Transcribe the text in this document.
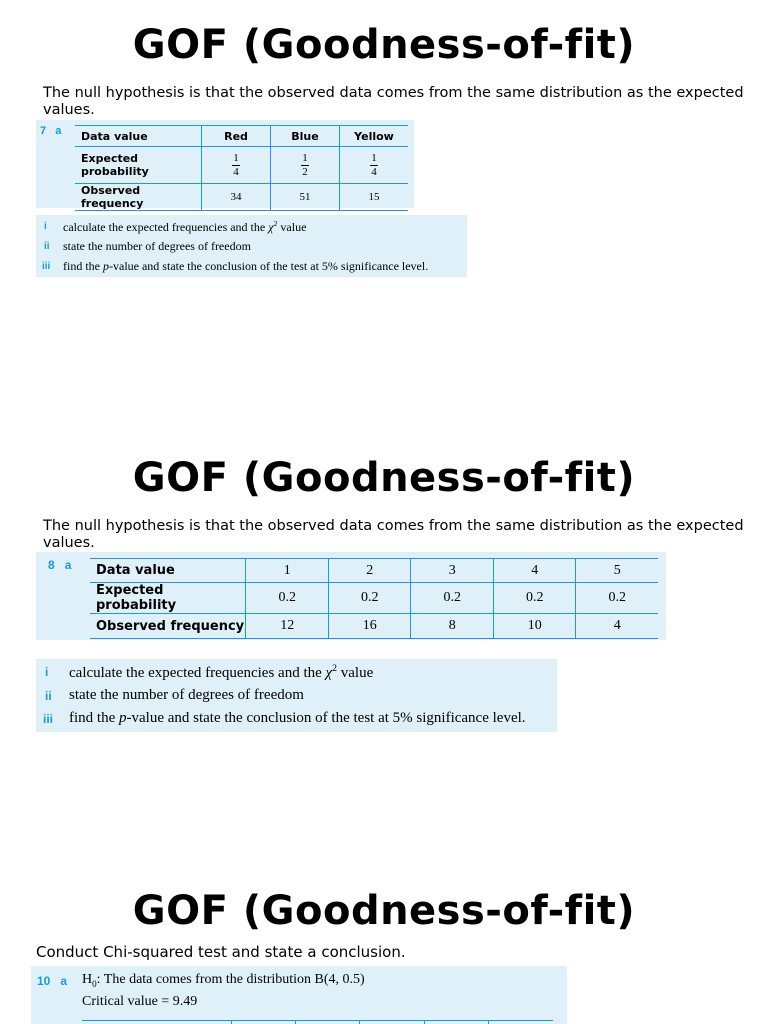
GOF (Goodness-of-fit)
The null hypothesis is that the observed data comes from the same distribution as the expected values.
7 a Data value	Red	Blue	Yellow
Expected probability	$\frac{1}{4}$	$\frac{1}{2}$	$\frac{1}{4}$

Observed frequency	34	51	15
i calculate the expected frequencies and the $\chi^2$ value
ii state the number of degrees of freedom
iii find the p-value and state the conclusion of the test at 5% significance level.
GOF (Goodness-of-fit)
The null hypothesis is that the observed data comes from the same distribution as the expected values.
8 a Data value	1	2	3	4	5
Expected probability	0.2	0.2	0.2	0.2	0.2
Observed frequency	12	16	8	10	4
i calculate the expected frequencies and the $\chi^2$ value
ii state the number of degrees of freedom
iii find the p-value and state the conclusion of the test at 5% significance level.
GOF (Goodness-of-fit)
Conduct Chi-squared test and state a conclusion.
10 a $H_0$: The data comes from the distribution B(4, 0.5)
Critical value = 9.49
